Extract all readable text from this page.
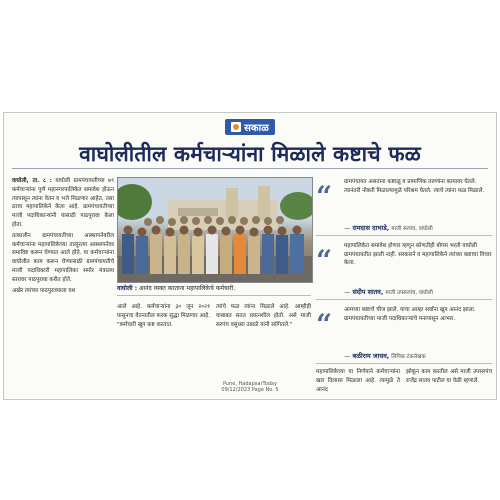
सकाळ
वाघोलीतील कर्मचाऱ्यांना मिळाले कष्टाचे फळ

वाघोली, ता. ८ : वाघोली ग्रामपंचायतीच्या ७९ कर्मचाऱ्यांना पुणे महानगरपालिकेत समावेश होऊन त्यापासून त्यांना वेतन व भत्ते मिळणार आहेत, तसा ठराव महापालिकेने केला आहे. ग्रामपंचायतीच्या माजी पदाधिकाऱ्यांनी यासाठी पाठपुरावा केला होता.

तत्कालीन ग्रामपंचायतीच्या आस्थापनेवरील कर्मचाऱ्यांना महापालिकेच्या तात्पुरत्या आस्थापनेवर समाविष्ट करून घेण्यात आले होते. या कर्मचाऱ्यांना वाघोलीत काम करून घेण्यासाठी ग्रामपंचायतीचे माजी पदाधिकारी महापालिका समोर मंत्रालय स्तरावर पाठपुरावा करीत होते.

अखेर त्यांच्या पाठपुराव्याला यश	वाघोली : आनंद व्यक्त करताना महापालिकेचे कर्मचारी.

आले आहे. कर्मचाऱ्यांना ३० जून २०२१ पासूनचा वेतनातील फरक सुद्धा मिळणार आहे. "कर्मचारी खूप कष्ट करतात.

त्यांचे फळ त्यांना मिळाले आहे. आम्हीही याबाबत सतत प्रयत्नशील होतो. असे माजी सरपंच वसुंधरा उबाळे यांनी सांगितले."

“ ग्रामपंचायत असताना कष्टाळू व प्रामाणिक तरुणांना कामावर घेतले. त्यानंतरी नोकरी मिळाल्यामुळे परिश्रम घेतले. त्याचे त्यांना फळ मिळाले.
— रामदास दाभाडे, माजी सरपंच, वाघोली
“ महापालिकेत समावेश होणार म्हणून कोणतीही बोगस भरती वाघोली ग्रामपंचायतीत झाली नाही. सरकारने व महापालिकेने त्यांच्या कष्टाचा विचार केला.
— संदीप सातव, माजी उपसरपंच, वाघोली
“ आमच्या कष्टाचे चीज झाले. याचा आम्हा सर्वांना खूप आनंद झाला. ग्रामपंचायतीच्या माजी पदाधिकाऱ्यांचे मनापासून आभार.
— बळीराम जाधव, लिपिक टंकलेखक

महापालिकेच्या या निर्णयाने कर्मचाऱ्यांना खरा दिलासा मिळाला आहे. त्यामुळे ते आनंद

झोकून काम करतील असे माजी उपसरपंच राजेंद्र सातव पाटील या वेळी म्हणाले.

Pune, HadapsarToday
09/12/2023 Page No. 5
